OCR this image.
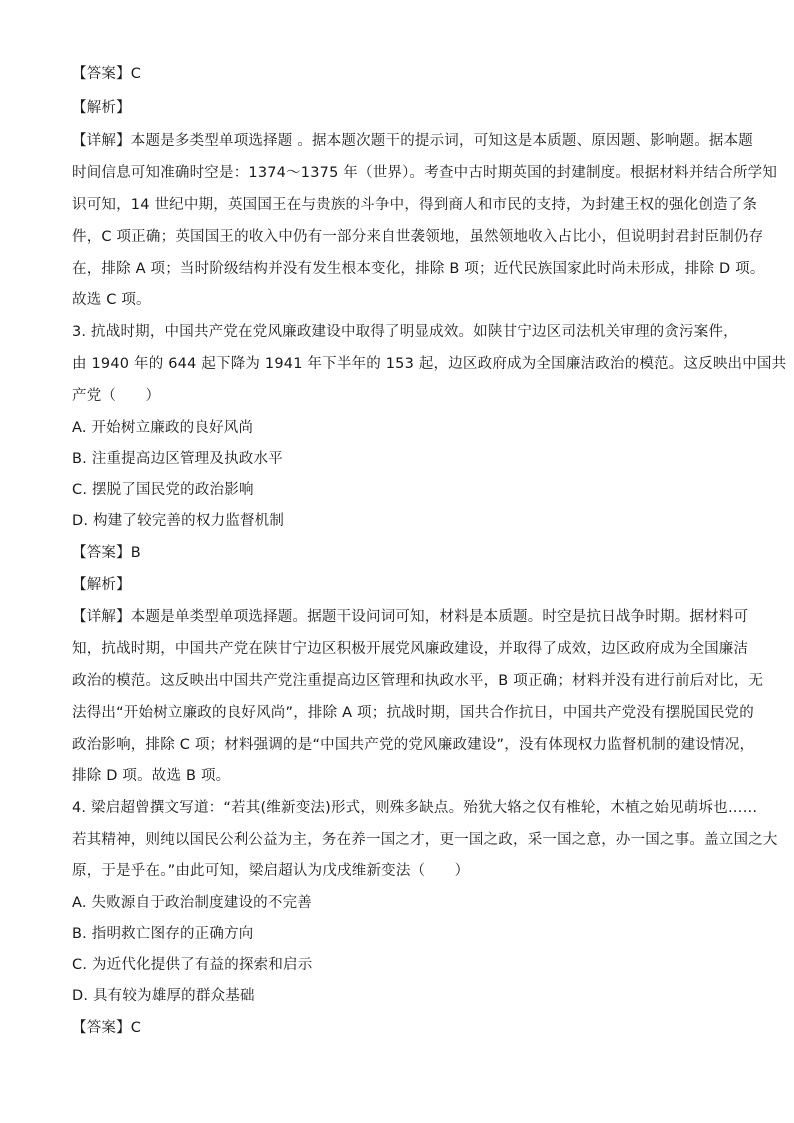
【答案】C
【解析】
【详解】本题是多类型单项选择题 。据本题次题干的提示词，可知这是本质题、原因题、影响题。据本题
时间信息可知准确时空是：1374～1375 年（世界）。考查中古时期英国的封建制度。根据材料并结合所学知
识可知，14 世纪中期，英国国王在与贵族的斗争中，得到商人和市民的支持，为封建王权的强化创造了条
件，C 项正确；英国国王的收入中仍有一部分来自世袭领地，虽然领地收入占比小，但说明封君封臣制仍存
在，排除 A 项；当时阶级结构并没有发生根本变化，排除 B 项；近代民族国家此时尚未形成，排除 D 项。
故选 C 项。
3. 抗战时期，中国共产党在党风廉政建设中取得了明显成效。如陕甘宁边区司法机关审理的贪污案件，
由 1940 年的 644 起下降为 1941 年下半年的 153 起，边区政府成为全国廉洁政治的模范。这反映出中国共
产党（　　）
A. 开始树立廉政的良好风尚
B. 注重提高边区管理及执政水平
C. 摆脱了国民党的政治影响
D. 构建了较完善的权力监督机制
【答案】B
【解析】
【详解】本题是单类型单项选择题。据题干设问词可知，材料是本质题。时空是抗日战争时期。据材料可
知，抗战时期，中国共产党在陕甘宁边区积极开展党风廉政建设，并取得了成效，边区政府成为全国廉洁
政治的模范。这反映出中国共产党注重提高边区管理和执政水平，B 项正确；材料并没有进行前后对比，无
法得出“开始树立廉政的良好风尚”，排除 A 项；抗战时期，国共合作抗日，中国共产党没有摆脱国民党的
政治影响，排除 C 项；材料强调的是“中国共产党的党风廉政建设”，没有体现权力监督机制的建设情况，
排除 D 项。故选 B 项。
4. 梁启超曾撰文写道：“若其(维新变法)形式，则殊多缺点。殆犹大辂之仅有椎轮，木植之始见萌坼也……
若其精神，则纯以国民公利公益为主，务在养一国之才，更一国之政，采一国之意，办一国之事。盖立国之大
原，于是乎在。”由此可知，梁启超认为戊戌维新变法（　　）
A. 失败源自于政治制度建设的不完善
B. 指明救亡图存的正确方向
C. 为近代化提供了有益的探索和启示
D. 具有较为雄厚的群众基础
【答案】C
